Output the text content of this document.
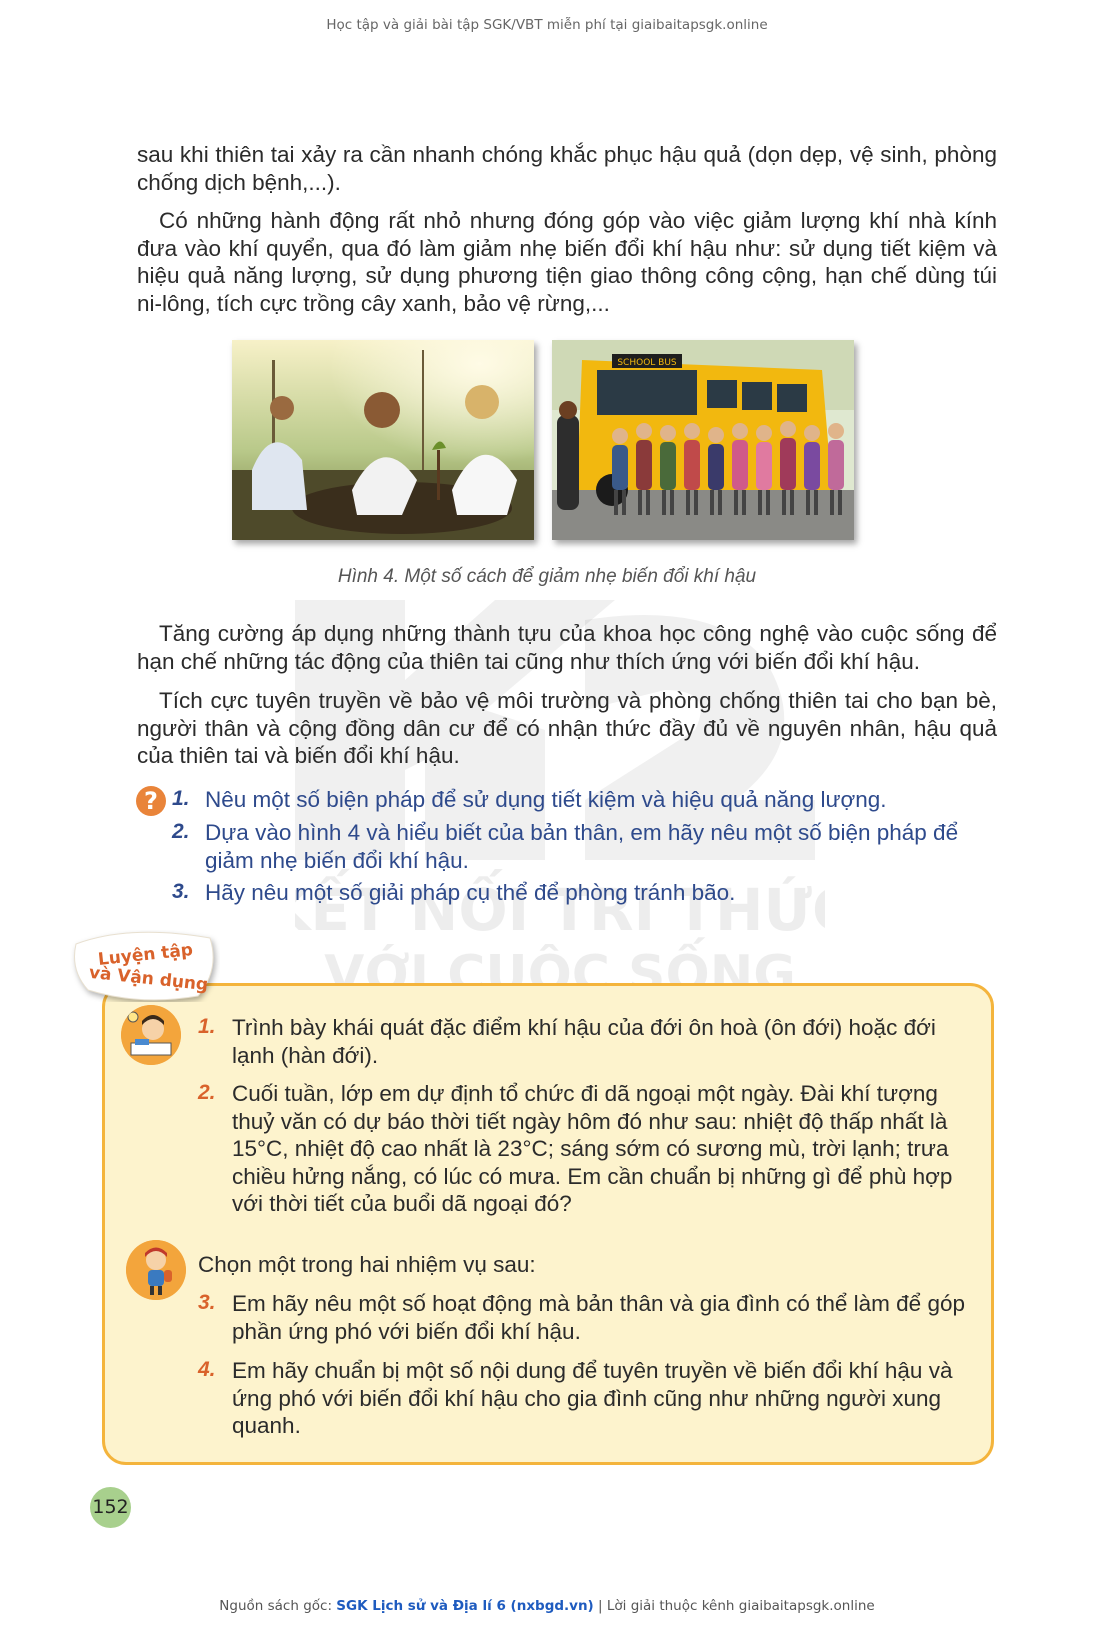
Học tập và giải bài tập SGK/VBT miễn phí tại giaibaitapsgk.online
sau khi thiên tai xảy ra cần nhanh chóng khắc phục hậu quả (dọn dẹp, vệ sinh, phòng chống dịch bệnh,...).
Có những hành động rất nhỏ nhưng đóng góp vào việc giảm lượng khí nhà kính đưa vào khí quyển, qua đó làm giảm nhẹ biến đổi khí hậu như: sử dụng tiết kiệm và hiệu quả năng lượng, sử dụng phương tiện giao thông công cộng, hạn chế dùng túi ni-lông, tích cực trồng cây xanh, bảo vệ rừng,...
SCHOOL BUS
Hình 4. Một số cách để giảm nhẹ biến đổi khí hậu
ẾT NỐI TRI THỨ
VỚI CUỘC SỐNG
Tăng cường áp dụng những thành tựu của khoa học công nghệ vào cuộc sống để hạn chế những tác động của thiên tai cũng như thích ứng với biến đổi khí hậu.
Tích cực tuyên truyền về bảo vệ môi trường và phòng chống thiên tai cho bạn bè, người thân và cộng đồng dân cư để có nhận thức đầy đủ về nguyên nhân, hậu quả của thiên tai và biến đổi khí hậu.
? 1. Nêu một số biện pháp để sử dụng tiết kiệm và hiệu quả năng lượng.
2. Dựa vào hình 4 và hiểu biết của bản thân, em hãy nêu một số biện pháp để giảm nhẹ biến đổi khí hậu.
3. Hãy nêu một số giải pháp cụ thể để phòng tránh bão.
Luyện tập
và Vận dụng
1. Trình bày khái quát đặc điểm khí hậu của đới ôn hoà (ôn đới) hoặc đới lạnh (hàn đới).
2. Cuối tuần, lớp em dự định tổ chức đi dã ngoại một ngày. Đài khí tượng thuỷ văn có dự báo thời tiết ngày hôm đó như sau: nhiệt độ thấp nhất là 15°C, nhiệt độ cao nhất là 23°C; sáng sớm có sương mù, trời lạnh; trưa chiều hửng nắng, có lúc có mưa. Em cần chuẩn bị những gì để phù hợp với thời tiết của buổi dã ngoại đó?
Chọn một trong hai nhiệm vụ sau:
3. Em hãy nêu một số hoạt động mà bản thân và gia đình có thể làm để góp phần ứng phó với biến đổi khí hậu.
4. Em hãy chuẩn bị một số nội dung để tuyên truyền về biến đổi khí hậu và ứng phó với biến đổi khí hậu cho gia đình cũng như những người xung quanh.
152
Nguồn sách gốc: SGK Lịch sử và Địa lí 6 (nxbgd.vn) | Lời giải thuộc kênh giaibaitapsgk.online
